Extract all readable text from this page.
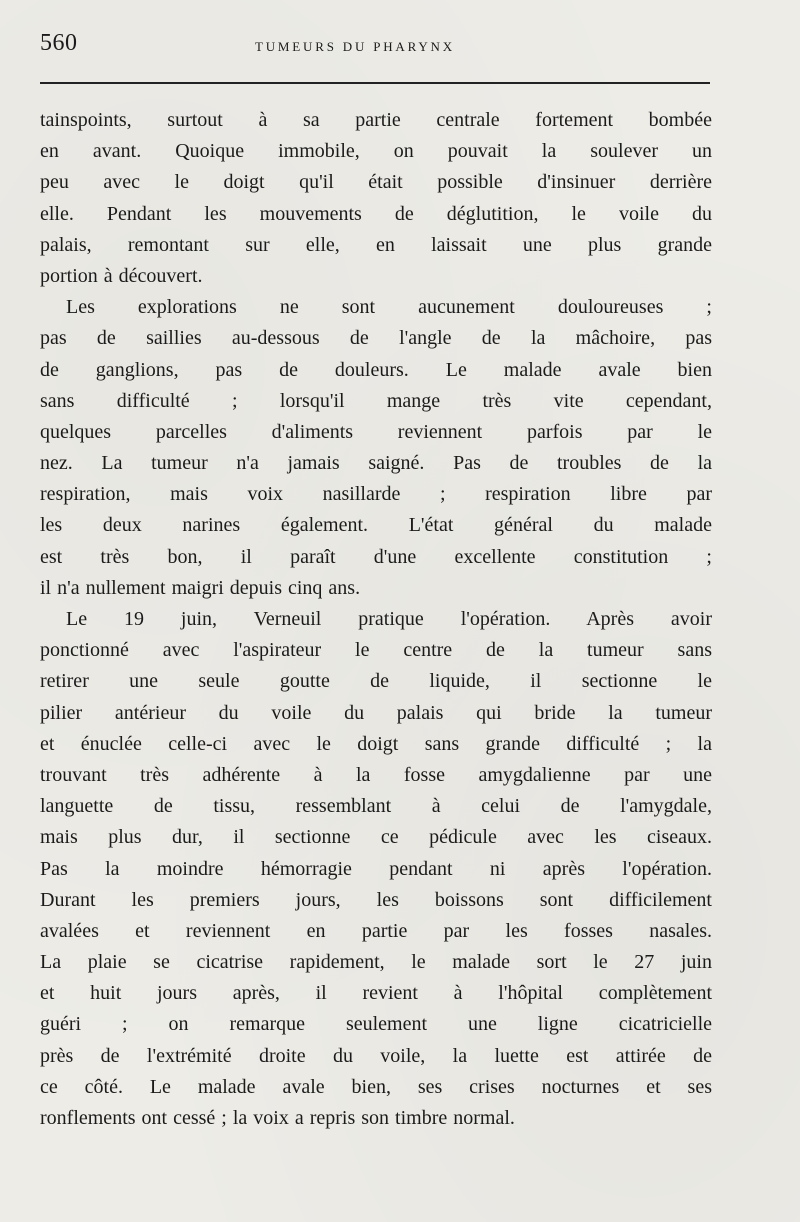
560	TUMEURS DU PHARYNX
tainspoints, surtout à sa partie centrale fortement bombée
en avant. Quoique immobile, on pouvait la soulever un
peu avec le doigt qu'il était possible d'insinuer derrière
elle. Pendant les mouvements de déglutition, le voile du
palais, remontant sur elle, en laissait une plus grande
portion à découvert.
Les explorations ne sont aucunement douloureuses ;
pas de saillies au-dessous de l'angle de la mâchoire, pas
de ganglions, pas de douleurs. Le malade avale bien
sans difficulté ; lorsqu'il mange très vite cependant,
quelques parcelles d'aliments reviennent parfois par le
nez. La tumeur n'a jamais saigné. Pas de troubles de la
respiration, mais voix nasillarde ; respiration libre par
les deux narines également. L'état général du malade
est très bon, il paraît d'une excellente constitution ;
il n'a nullement maigri depuis cinq ans.
Le 19 juin, Verneuil pratique l'opération. Après avoir
ponctionné avec l'aspirateur le centre de la tumeur sans
retirer une seule goutte de liquide, il sectionne le
pilier antérieur du voile du palais qui bride la tumeur
et énuclée celle-ci avec le doigt sans grande difficulté ; la
trouvant très adhérente à la fosse amygdalienne par une
languette de tissu, ressemblant à celui de l'amygdale,
mais plus dur, il sectionne ce pédicule avec les ciseaux.
Pas la moindre hémorragie pendant ni après l'opération.
Durant les premiers jours, les boissons sont difficilement
avalées et reviennent en partie par les fosses nasales.
La plaie se cicatrise rapidement, le malade sort le 27 juin
et huit jours après, il revient à l'hôpital complètement
guéri ; on remarque seulement une ligne cicatricielle
près de l'extrémité droite du voile, la luette est attirée de
ce côté. Le malade avale bien, ses crises nocturnes et ses
ronflements ont cessé ; la voix a repris son timbre normal.
